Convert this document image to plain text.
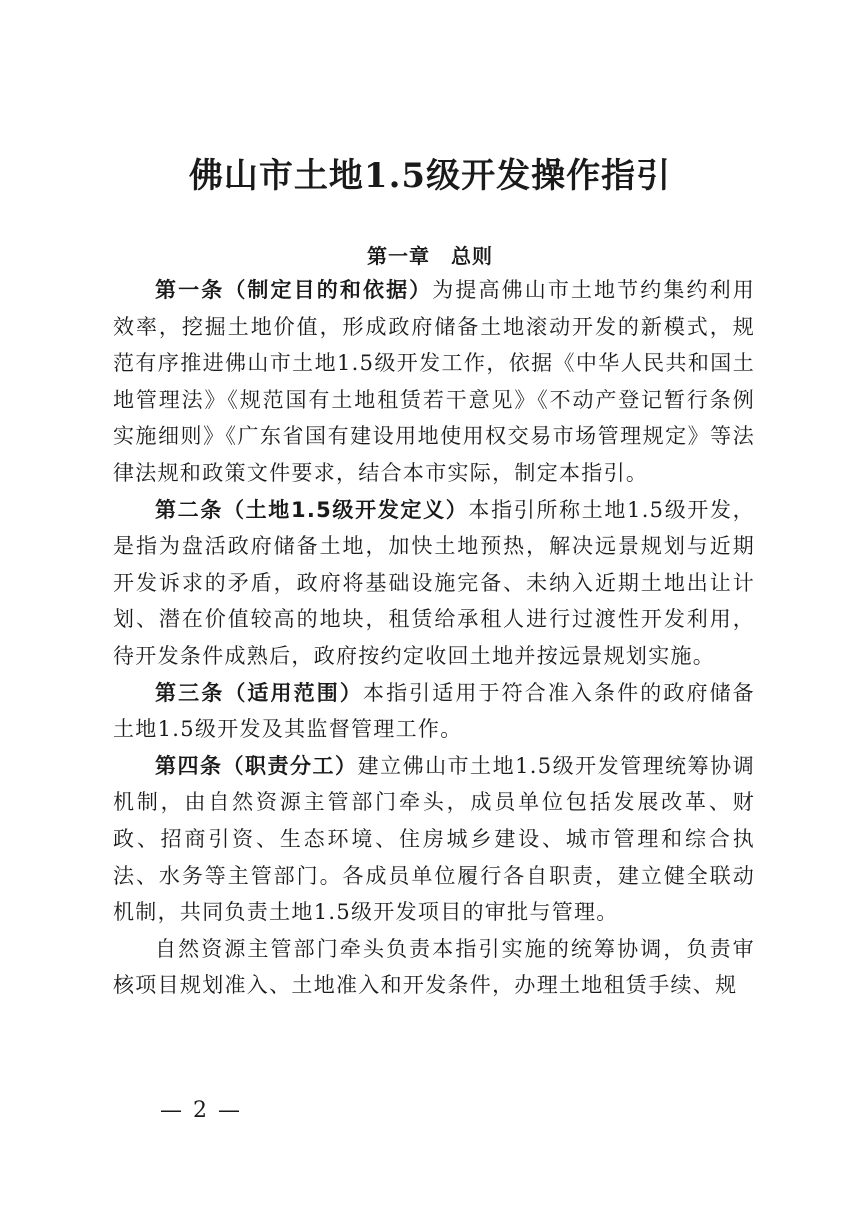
佛山市土地1.5级开发操作指引
第一章　总则

第一条（制定目的和依据）为提高佛山市土地节约集约利用效率，挖掘土地价值，形成政府储备土地滚动开发的新模式，规范有序推进佛山市土地1.5级开发工作，依据《中华人民共和国土地管理法》《规范国有土地租赁若干意见》《不动产登记暂行条例实施细则》《广东省国有建设用地使用权交易市场管理规定》等法律法规和政策文件要求，结合本市实际，制定本指引。

第二条（土地1.5级开发定义）本指引所称土地1.5级开发，是指为盘活政府储备土地，加快土地预热，解决远景规划与近期开发诉求的矛盾，政府将基础设施完备、未纳入近期土地出让计划、潜在价值较高的地块，租赁给承租人进行过渡性开发利用，待开发条件成熟后，政府按约定收回土地并按远景规划实施。

第三条（适用范围）本指引适用于符合准入条件的政府储备土地1.5级开发及其监督管理工作。

第四条（职责分工）建立佛山市土地1.5级开发管理统筹协调机制，由自然资源主管部门牵头，成员单位包括发展改革、财政、招商引资、生态环境、住房城乡建设、城市管理和综合执法、水务等主管部门。各成员单位履行各自职责，建立健全联动机制，共同负责土地1.5级开发项目的审批与管理。

自然资源主管部门牵头负责本指引实施的统筹协调，负责审核项目规划准入、土地准入和开发条件，办理土地租赁手续、规

— 2 —
